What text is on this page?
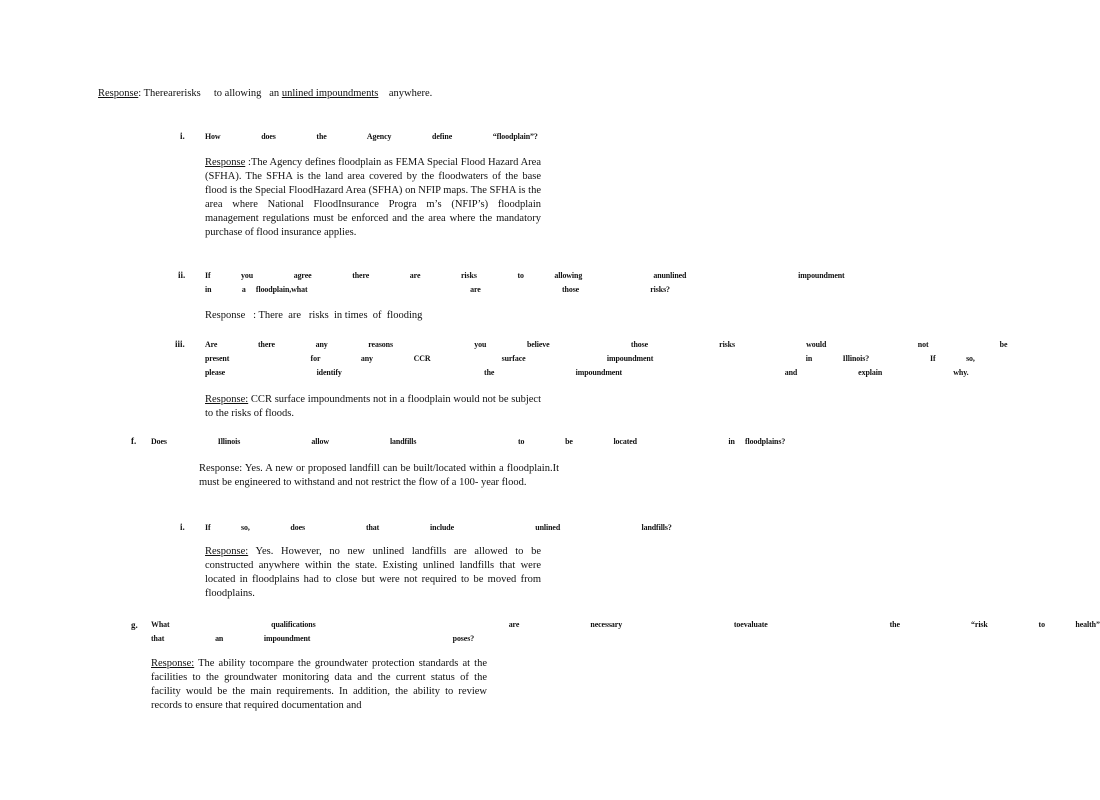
Response: Therearerisks     to allowing   an unlined impoundments    anywhere.
i. How    does    the    Agency    define    “floodplain”?

Response :The Agency defines floodplain as FEMA Special Flood Hazard Area (SFHA). The SFHA is the land area covered by the floodwaters of the base flood is the Special FloodHazard Area (SFHA) on NFIP maps. The SFHA is the area where National FloodInsurance Progra m’s (NFIP’s) floodplain management regulations must be enforced and the area where the mandatory purchase of flood insurance applies.

ii. If   you    agree    there    are    risks    to   allowing       anunlined           impoundment
in   a floodplain,what                are        those       risks?
Response   : There  are   risks  in times  of  flooding
iii. Are    there    any    reasons        you    believe        those       risks       would         not       be
present        for    any    CCR       surface        impoundment               in   Illinois?      If   so,
please         identify              the        impoundment                and      explain       why.

Response: CCR surface impoundments not in a floodplain would not be subject to the risks of floods.

f. Does     Illinois       allow      landfills          to    be    located         in floodplains?

Response: Yes. A new or proposed landfill can be built/located within a floodplain.It must be engineered to withstand and not restrict the flow of a 100- year flood.

i. If   so,    does      that     include        unlined        landfills?

Response: Yes. However, no new unlined landfills are allowed to be constructed anywhere within the state. Existing unlined landfills that were located in floodplains had to close but were not required to be moved from floodplains.

g. What          qualifications                   are       necessary           toevaluate            the       “risk     to   health”
that     an    impoundment              poses?

Response: The ability tocompare the groundwater protection standards at the facilities to the groundwater monitoring data and the current status of the facility would be the main requirements. In addition, the ability to review records to ensure that required documentation and
